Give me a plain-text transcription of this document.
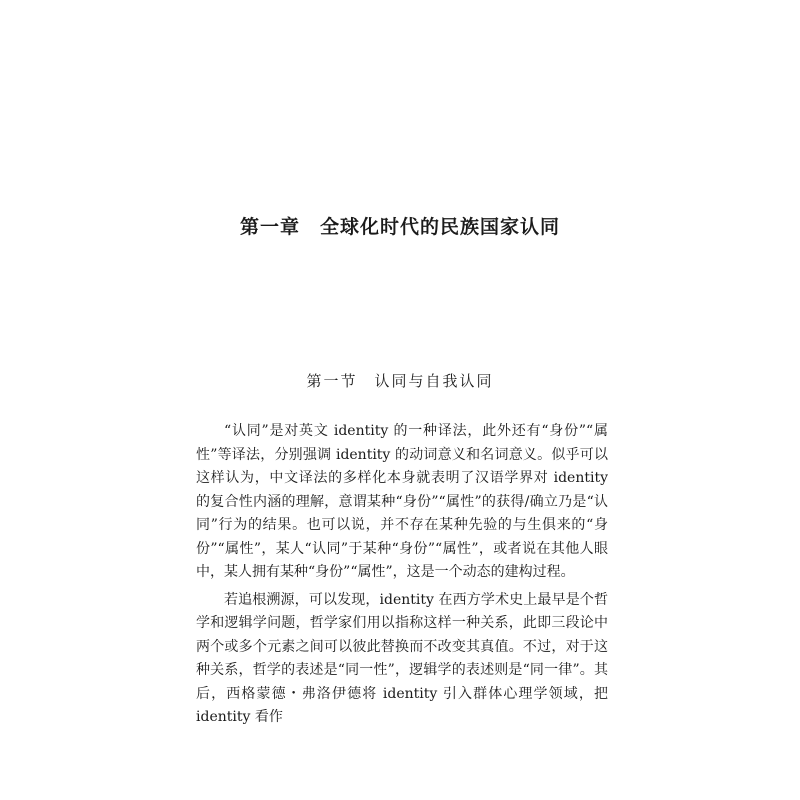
第一章　全球化时代的民族国家认同
第一节　认同与自我认同

“认同”是对英文 identity 的一种译法，此外还有“身份”“属性”等译法，分别强调 identity 的动词意义和名词意义。似乎可以这样认为，中文译法的多样化本身就表明了汉语学界对 identity 的复合性内涵的理解，意谓某种“身份”“属性”的获得/确立乃是“认同”行为的结果。也可以说，并不存在某种先验的与生俱来的“身份”“属性”，某人“认同”于某种“身份”“属性”，或者说在其他人眼中，某人拥有某种“身份”“属性”，这是一个动态的建构过程。

若追根溯源，可以发现，identity 在西方学术史上最早是个哲学和逻辑学问题，哲学家们用以指称这样一种关系，此即三段论中两个或多个元素之间可以彼此替换而不改变其真值。不过，对于这种关系，哲学的表述是“同一性”，逻辑学的表述则是“同一律”。其后，西格蒙德・弗洛伊德将 identity 引入群体心理学领域，把 identity 看作
